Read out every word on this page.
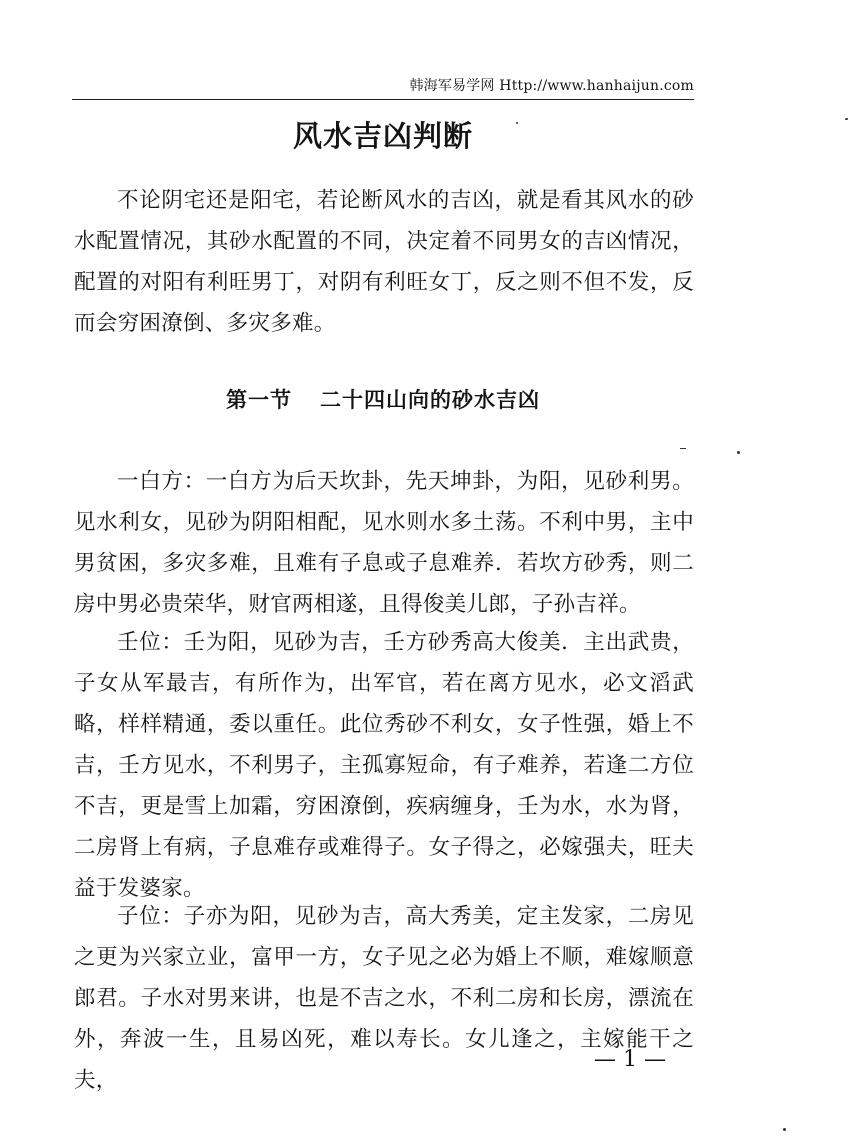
韩海军易学网 Http://www.hanhaijun.com
风水吉凶判断

不论阴宅还是阳宅，若论断风水的吉凶，就是看其风水的砂水配置情况，其砂水配置的不同，决定着不同男女的吉凶情况，配置的对阳有利旺男丁，对阴有利旺女丁，反之则不但不发，反而会穷困潦倒、多灾多难。

第一节 二十四山向的砂水吉凶

一白方：一白方为后天坎卦，先天坤卦，为阳，见砂利男。见水利女，见砂为阴阳相配，见水则水多土荡。不利中男，主中男贫困，多灾多难，且难有子息或子息难养．若坎方砂秀，则二房中男必贵荣华，财官两相遂，且得俊美儿郎，子孙吉祥。

壬位：壬为阳，见砂为吉，壬方砂秀高大俊美．主出武贵，子女从军最吉，有所作为，出军官，若在离方见水，必文滔武略，样样精通，委以重任。此位秀砂不利女，女子性强，婚上不吉，壬方见水，不利男子，主孤寡短命，有子难养，若逢二方位不吉，更是雪上加霜，穷困潦倒，疾病缠身，壬为水，水为肾，二房肾上有病，子息难存或难得子。女子得之，必嫁强夫，旺夫益于发婆家。

子位：子亦为阳，见砂为吉，高大秀美，定主发家，二房见之更为兴家立业，富甲一方，女子见之必为婚上不顺，难嫁顺意郎君。子水对男来讲，也是不吉之水，不利二房和长房，漂流在外，奔波一生，且易凶死，难以寿长。女儿逢之，主嫁能干之夫，

— 1 —
